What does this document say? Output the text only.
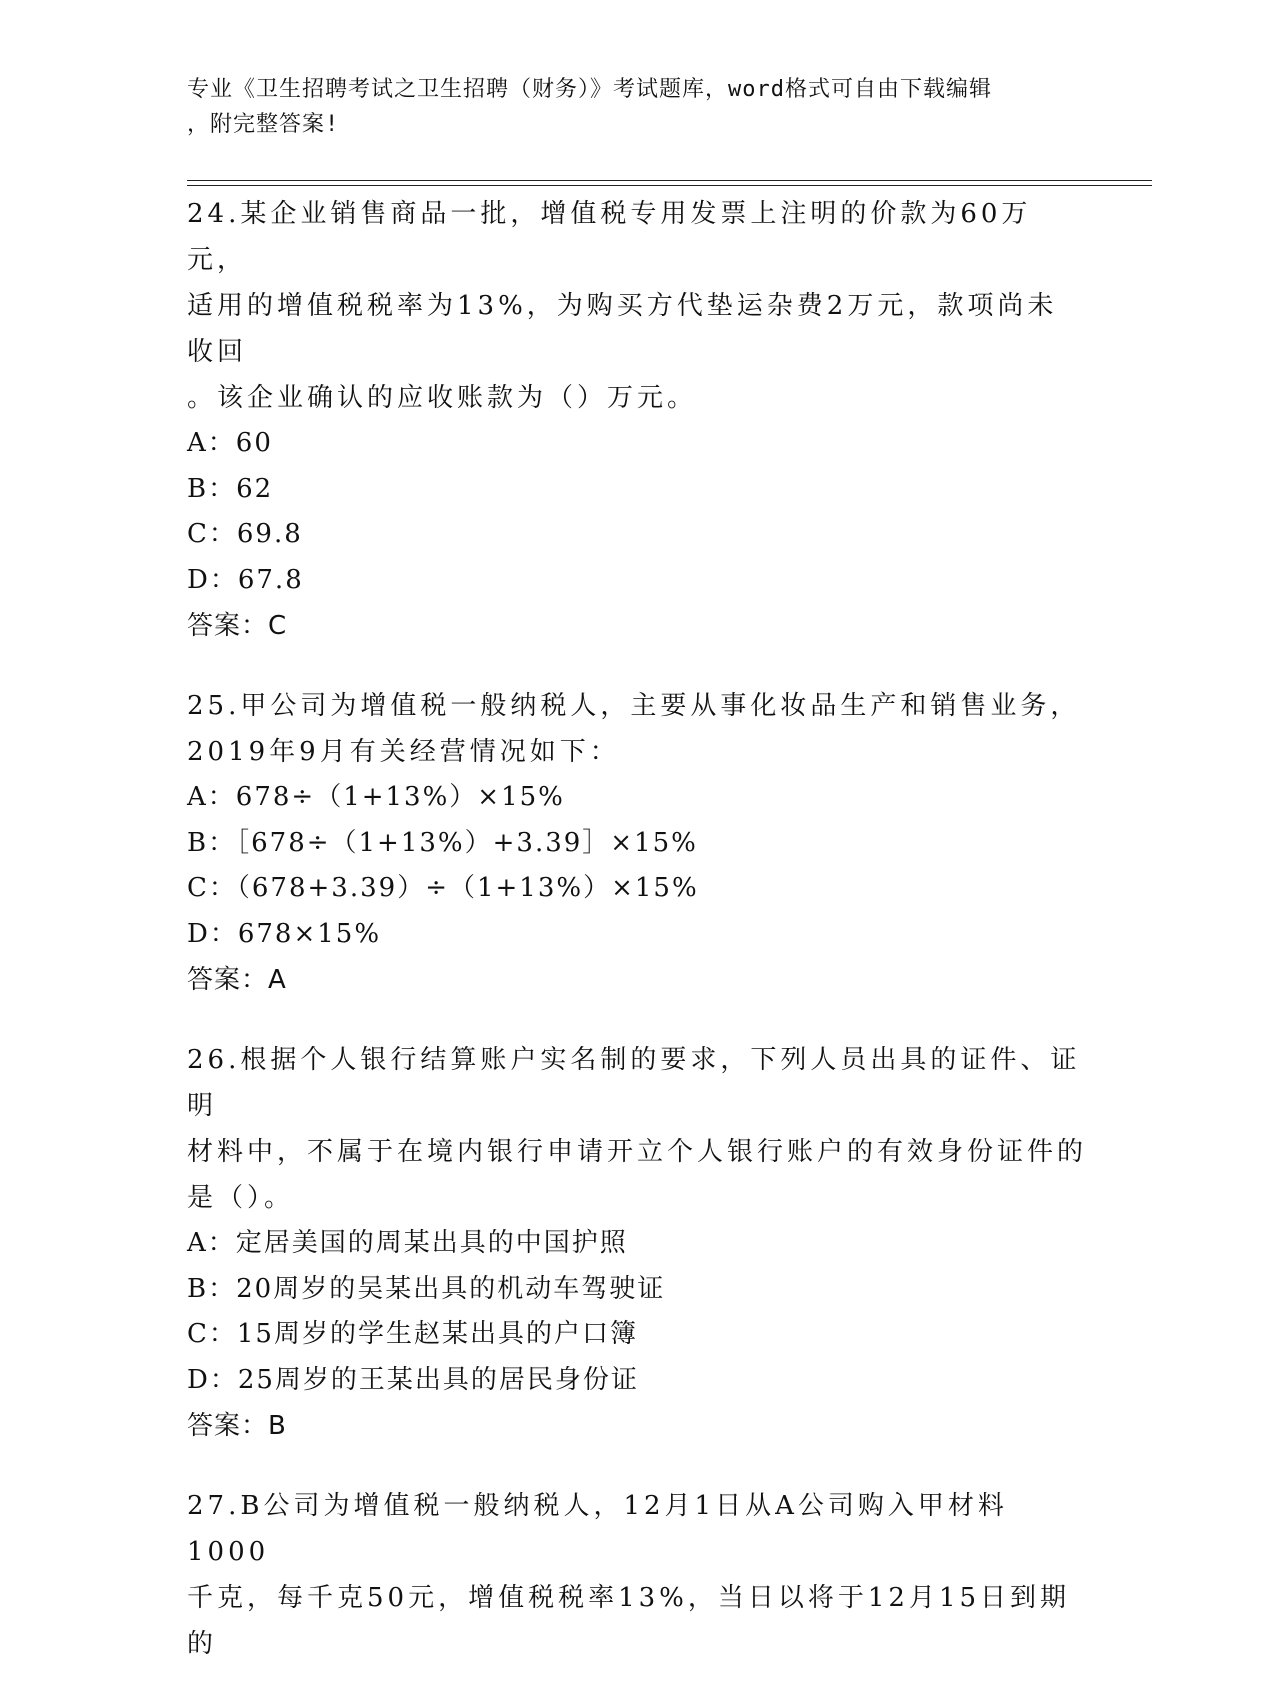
专业《卫生招聘考试之卫生招聘（财务）》考试题库，word格式可自由下载编辑
，附完整答案!
24.某企业销售商品一批，增值税专用发票上注明的价款为60万元，
适用的增值税税率为13%，为购买方代垫运杂费2万元，款项尚未收回
。该企业确认的应收账款为（）万元。
A：60
B：62
C：69.8
D：67.8
答案：C
25.甲公司为增值税一般纳税人，主要从事化妆品生产和销售业务，
2019年9月有关经营情况如下：
A：678÷（1+13%）×15%
B：［678÷（1+13%）+3.39］×15%
C：（678+3.39）÷（1+13%）×15%
D：678×15%
答案：A
26.根据个人银行结算账户实名制的要求，下列人员出具的证件、证明
材料中，不属于在境内银行申请开立个人银行账户的有效身份证件的
是（）。
A：定居美国的周某出具的中国护照
B：20周岁的吴某出具的机动车驾驶证
C：15周岁的学生赵某出具的户口簿
D：25周岁的王某出具的居民身份证
答案：B
27.B公司为增值税一般纳税人，12月1日从A公司购入甲材料1000
千克，每千克50元，增值税税率13%，当日以将于12月15日到期的
